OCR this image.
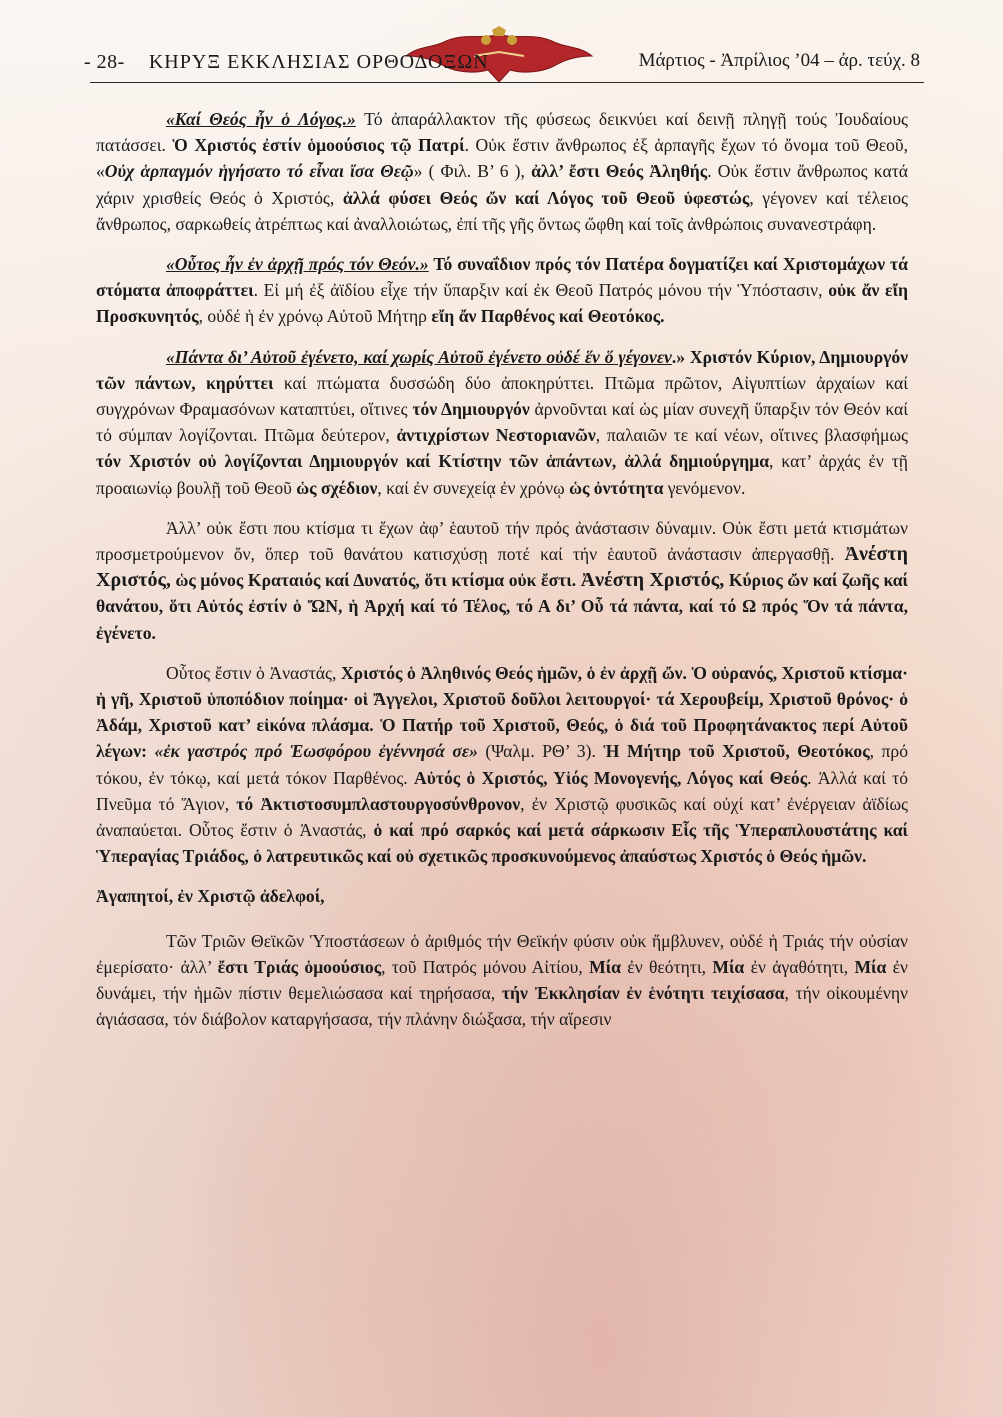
- 28- ΚΗΡΥΞ ΕΚΚΛΗΣΙΑΣ ΟΡΘΟΔΟΞΩΝ	Μάρτιος - Ἀπρίλιος ’04 – ἀρ. τεύχ. 8

«Καί Θεός ἦν ὁ Λόγος.» Τό ἀπαράλλακτον τῆς φύσεως δεικνύει καί δεινῇ πληγῇ τούς Ἰουδαίους πατάσσει. Ὁ Χριστός ἐστίν ὁμοούσιος τῷ Πατρί. Οὐκ ἔστιν ἄνθρωπος ἐξ ἁρπαγῆς ἔχων τό ὄνομα τοῦ Θεοῦ, «Οὐχ ἁρπαγμόν ἡγήσατο τό εἶναι ἴσα Θεῷ» ( Φιλ. Β’ 6 ), ἀλλ’ ἔστι Θεός Ἀληθής. Οὐκ ἔστιν ἄνθρωπος κατά χάριν χρισθείς Θεός ὁ Χριστός, ἀλλά φύσει Θεός ὤν καί Λόγος τοῦ Θεοῦ ὑφεστώς, γέγονεν καί τέλειος ἄνθρωπος, σαρκωθείς ἀτρέπτως καί ἀναλλοιώτως, ἐπί τῆς γῆς ὄντως ὤφθη καί τοῖς ἀνθρώποις συνανεστράφη.

«Οὗτος ἦν ἐν ἀρχῇ πρός τόν Θεόν.» Τό συναΐδιον πρός τόν Πατέρα δογματίζει καί Χριστομάχων τά στόματα ἀποφράττει. Εἰ μή ἐξ ἀϊδίου εἶχε τήν ὕπαρξιν καί ἐκ Θεοῦ Πατρός μόνου τήν Ὑπόστασιν, οὐκ ἄν εἴη Προσκυνητός, οὐδέ ἡ ἐν χρόνῳ Αὐτοῦ Μήτηρ εἴη ἄν Παρθένος καί Θεοτόκος.

«Πάντα δι’ Αὐτοῦ ἐγένετο, καί χωρίς Αὐτοῦ ἐγένετο οὐδέ ἕν ὅ γέγονεν.» Χριστόν Κύριον, Δημιουργόν τῶν πάντων, κηρύττει καί πτώματα δυσσώδη δύο ἀποκηρύττει. Πτῶμα πρῶτον, Αἰγυπτίων ἀρχαίων καί συγχρόνων Φραμασόνων καταπτύει, οἵτινες τόν Δημιουργόν ἀρνοῦνται καί ὡς μίαν συνεχῆ ὕπαρξιν τόν Θεόν καί τό σύμπαν λογίζονται. Πτῶμα δεύτερον, ἀντιχρίστων Νεστοριανῶν, παλαιῶν τε καί νέων, οἵτινες βλασφήμως τόν Χριστόν οὐ λογίζονται Δημιουργόν καί Κτίστην τῶν ἁπάντων, ἀλλά δημιούργημα, κατ’ ἀρχάς ἐν τῇ προαιωνίῳ βουλῇ τοῦ Θεοῦ ὡς σχέδιον, καί ἐν συνεχείᾳ ἐν χρόνῳ ὡς ὀντότητα γενόμενον.

Ἀλλ’ οὐκ ἔστι που κτίσμα τι ἔχων ἀφ’ ἑαυτοῦ τήν πρός ἀνάστασιν δύναμιν. Οὐκ ἔστι μετά κτισμάτων προσμετρούμενον ὄν, ὅπερ τοῦ θανάτου κατισχύσῃ ποτέ καί τήν ἑαυτοῦ ἀνάστασιν ἀπεργασθῇ. Ἀνέστη Χριστός, ὡς μόνος Κραταιός καί Δυνατός, ὅτι κτίσμα οὐκ ἔστι. Ἀνέστη Χριστός, Κύριος ὤν καί ζωῆς καί θανάτου, ὅτι Αὐτός ἐστίν ὁ ὬΝ, ἡ Ἀρχή καί τό Τέλος, τό Α δι’ Οὗ τά πάντα, καί τό Ω πρός Ὅν τά πάντα, ἐγένετο.

Οὗτος ἔστιν ὁ Ἀναστάς, Χριστός ὁ Ἀληθινός Θεός ἡμῶν, ὁ ἐν ἀρχῇ ὤν. Ὁ οὐρανός, Χριστοῦ κτίσμα· ἡ γῆ, Χριστοῦ ὑποπόδιον ποίημα· οἱ Ἄγγελοι, Χριστοῦ δοῦλοι λειτουργοί· τά Χερουβείμ, Χριστοῦ θρόνος· ὁ Ἀδάμ, Χριστοῦ κατ’ εἰκόνα πλάσμα. Ὁ Πατήρ τοῦ Χριστοῦ, Θεός, ὁ διά τοῦ Προφητάνακτος περί Αὐτοῦ λέγων: «ἐκ γαστρός πρό Ἑωσφόρου ἐγέννησά σε» (Ψαλμ. ΡΘ’ 3). Ἡ Μήτηρ τοῦ Χριστοῦ, Θεοτόκος, πρό τόκου, ἐν τόκῳ, καί μετά τόκον Παρθένος. Αὐτός ὁ Χριστός, Υἱός Μονογενής, Λόγος καί Θεός. Ἀλλά καί τό Πνεῦμα τό Ἅγιον, τό Ἀκτιστοσυμπλαστουργοσύνθρονον, ἐν Χριστῷ φυσικῶς καί οὐχί κατ’ ἐνέργειαν ἀϊδίως ἀναπαύεται. Οὗτος ἔστιν ὁ Ἀναστάς, ὁ καί πρό σαρκός καί μετά σάρκωσιν Εἷς τῆς Ὑπεραπλουστάτης καί Ὑπεραγίας Τριάδος, ὁ λατρευτικῶς καί οὐ σχετικῶς προσκυνούμενος ἀπαύστως Χριστός ὁ Θεός ἡμῶν.

Ἀγαπητοί, ἐν Χριστῷ ἀδελφοί,

Τῶν Τριῶν Θεϊκῶν Ὑποστάσεων ὁ ἀριθμός τήν Θεϊκήν φύσιν οὐκ ἤμβλυνεν, οὐδέ ἡ Τριάς τήν οὐσίαν ἐμερίσατο· ἀλλ’ ἔστι Τριάς ὁμοούσιος, τοῦ Πατρός μόνου Αἰτίου, Μία ἐν θεότητι, Μία ἐν ἀγαθότητι, Μία ἐν δυνάμει, τήν ἡμῶν πίστιν θεμελιώσασα καί τηρήσασα, τήν Ἐκκλησίαν ἐν ἑνότητι τειχίσασα, τήν οἰκουμένην ἁγιάσασα, τόν διάβολον καταργήσασα, τήν πλάνην διώξασα, τήν αἵρεσιν
